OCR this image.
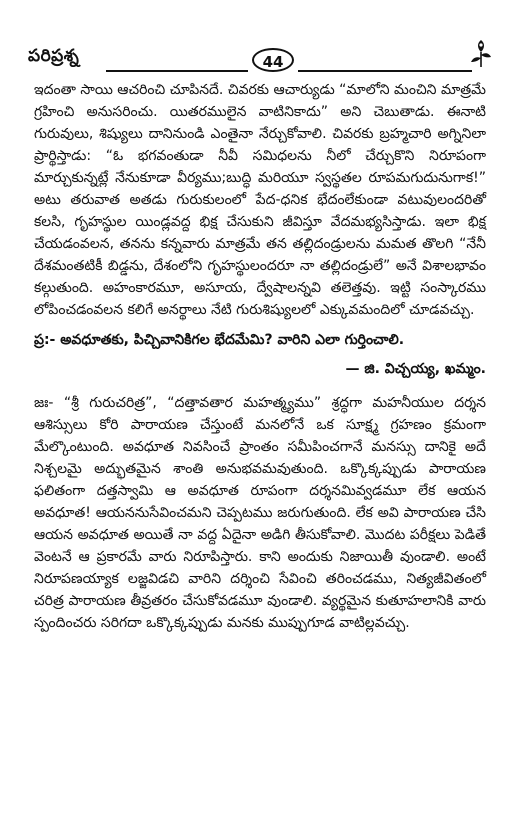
పరిప్రశ్న	44

ఇదంతా సాయి ఆచరించి చూపినదే. చివరకు ఆచార్యుడు “మాలోని మంచిని మాత్రమే గ్రహించి అనుసరించు. యితరములైన వాటినికాదు” అని చెబుతాడు. ఈనాటి గురువులు, శిష్యులు దానినుండి ఎంతైనా నేర్చుకోవాలి. చివరకు బ్రహ్మచారి అగ్నినిలా ప్రార్థిస్తాడు: “ఓ భగవంతుడా నీవీ సమిధలను నీలో చేర్చుకొని నిరూపంగా మార్చుకున్నట్లే నేనుకూడా వీర్యము;బుద్ధి మరియూ స్వస్థతల రూపమగుదునుగాక!” అటు తరువాత అతడు గురుకులంలో పేద-ధనిక భేదంలేకుండా వటువులందరితో కలసి, గృహస్థుల యిండ్లవద్ద భిక్ష చేసుకుని జీవిస్తూ వేదమభ్యసిస్తాడు. ఇలా భిక్ష చేయడంవలన, తనను కన్నవారు మాత్రమే తన తల్లిదండ్రులను మమత తొలగి “నేనీ దేశమంతటికీ బిడ్డను, దేశంలోని గృహస్థులందరూ నా తల్లిదండ్రులే” అనే విశాలభావం కల్గుతుంది. అహంకారమూ, అసూయ, ద్వేషాలన్నవి తలెత్తవు. ఇట్టి సంస్కారము లోపించడంవలన కలిగే అనర్థాలు నేటి గురుశిష్యులలో ఎక్కువమందిలో చూడవచ్చు.

ప్ర:- అవధూతకు, పిచ్చివానికిగల భేదమేమి? వారిని ఎలా గుర్తించాలి.

— జి. విచ్చయ్య, ఖమ్మం.

జః- “శ్రీ గురుచరిత్ర”, “దత్తావతార మహత్మ్యము” శ్రద్ధగా మహనీయుల దర్శన ఆశిస్సులు కోరి పారాయణ చేస్తుంటే మనలోనే ఒక సూక్ష్మ గ్రహణం క్రమంగా మేల్కొంటుంది. అవధూత నివసించే ప్రాంతం సమీపించగానే మనస్సు దానికై అదే నిశ్చలమై అద్భుతమైన శాంతి అనుభవమవుతుంది. ఒక్కొక్కప్పుడు పారాయణ ఫలితంగా దత్తస్వామి ఆ అవధూత రూపంగా దర్శనమివ్వడమూ లేక ఆయన అవధూత! ఆయననుసేవించమని చెప్పటము జరుగుతుంది. లేక అవి పారాయణ చేసి ఆయన అవధూత అయితే నా వద్ద ఏదైనా అడిగి తీసుకోవాలి. మొదట పరీక్షలు పెడితే వెంటనే ఆ ప్రకారమే వారు నిరూపిస్తారు. కాని అందుకు నిజాయితీ వుండాలి. అంటే నిరూపణయ్యాక లజ్జవిడచి వారిని దర్శించి సేవించి తరించడము, నిత్యజీవితంలో చరిత్ర పారాయణ తీవ్రతరం చేసుకోవడమూ వుండాలి. వ్యర్థమైన కుతూహలానికి వారు స్పందించరు సరిగదా ఒక్కొక్కప్పుడు మనకు ముప్పుగూడ వాటిల్లవచ్చు.
